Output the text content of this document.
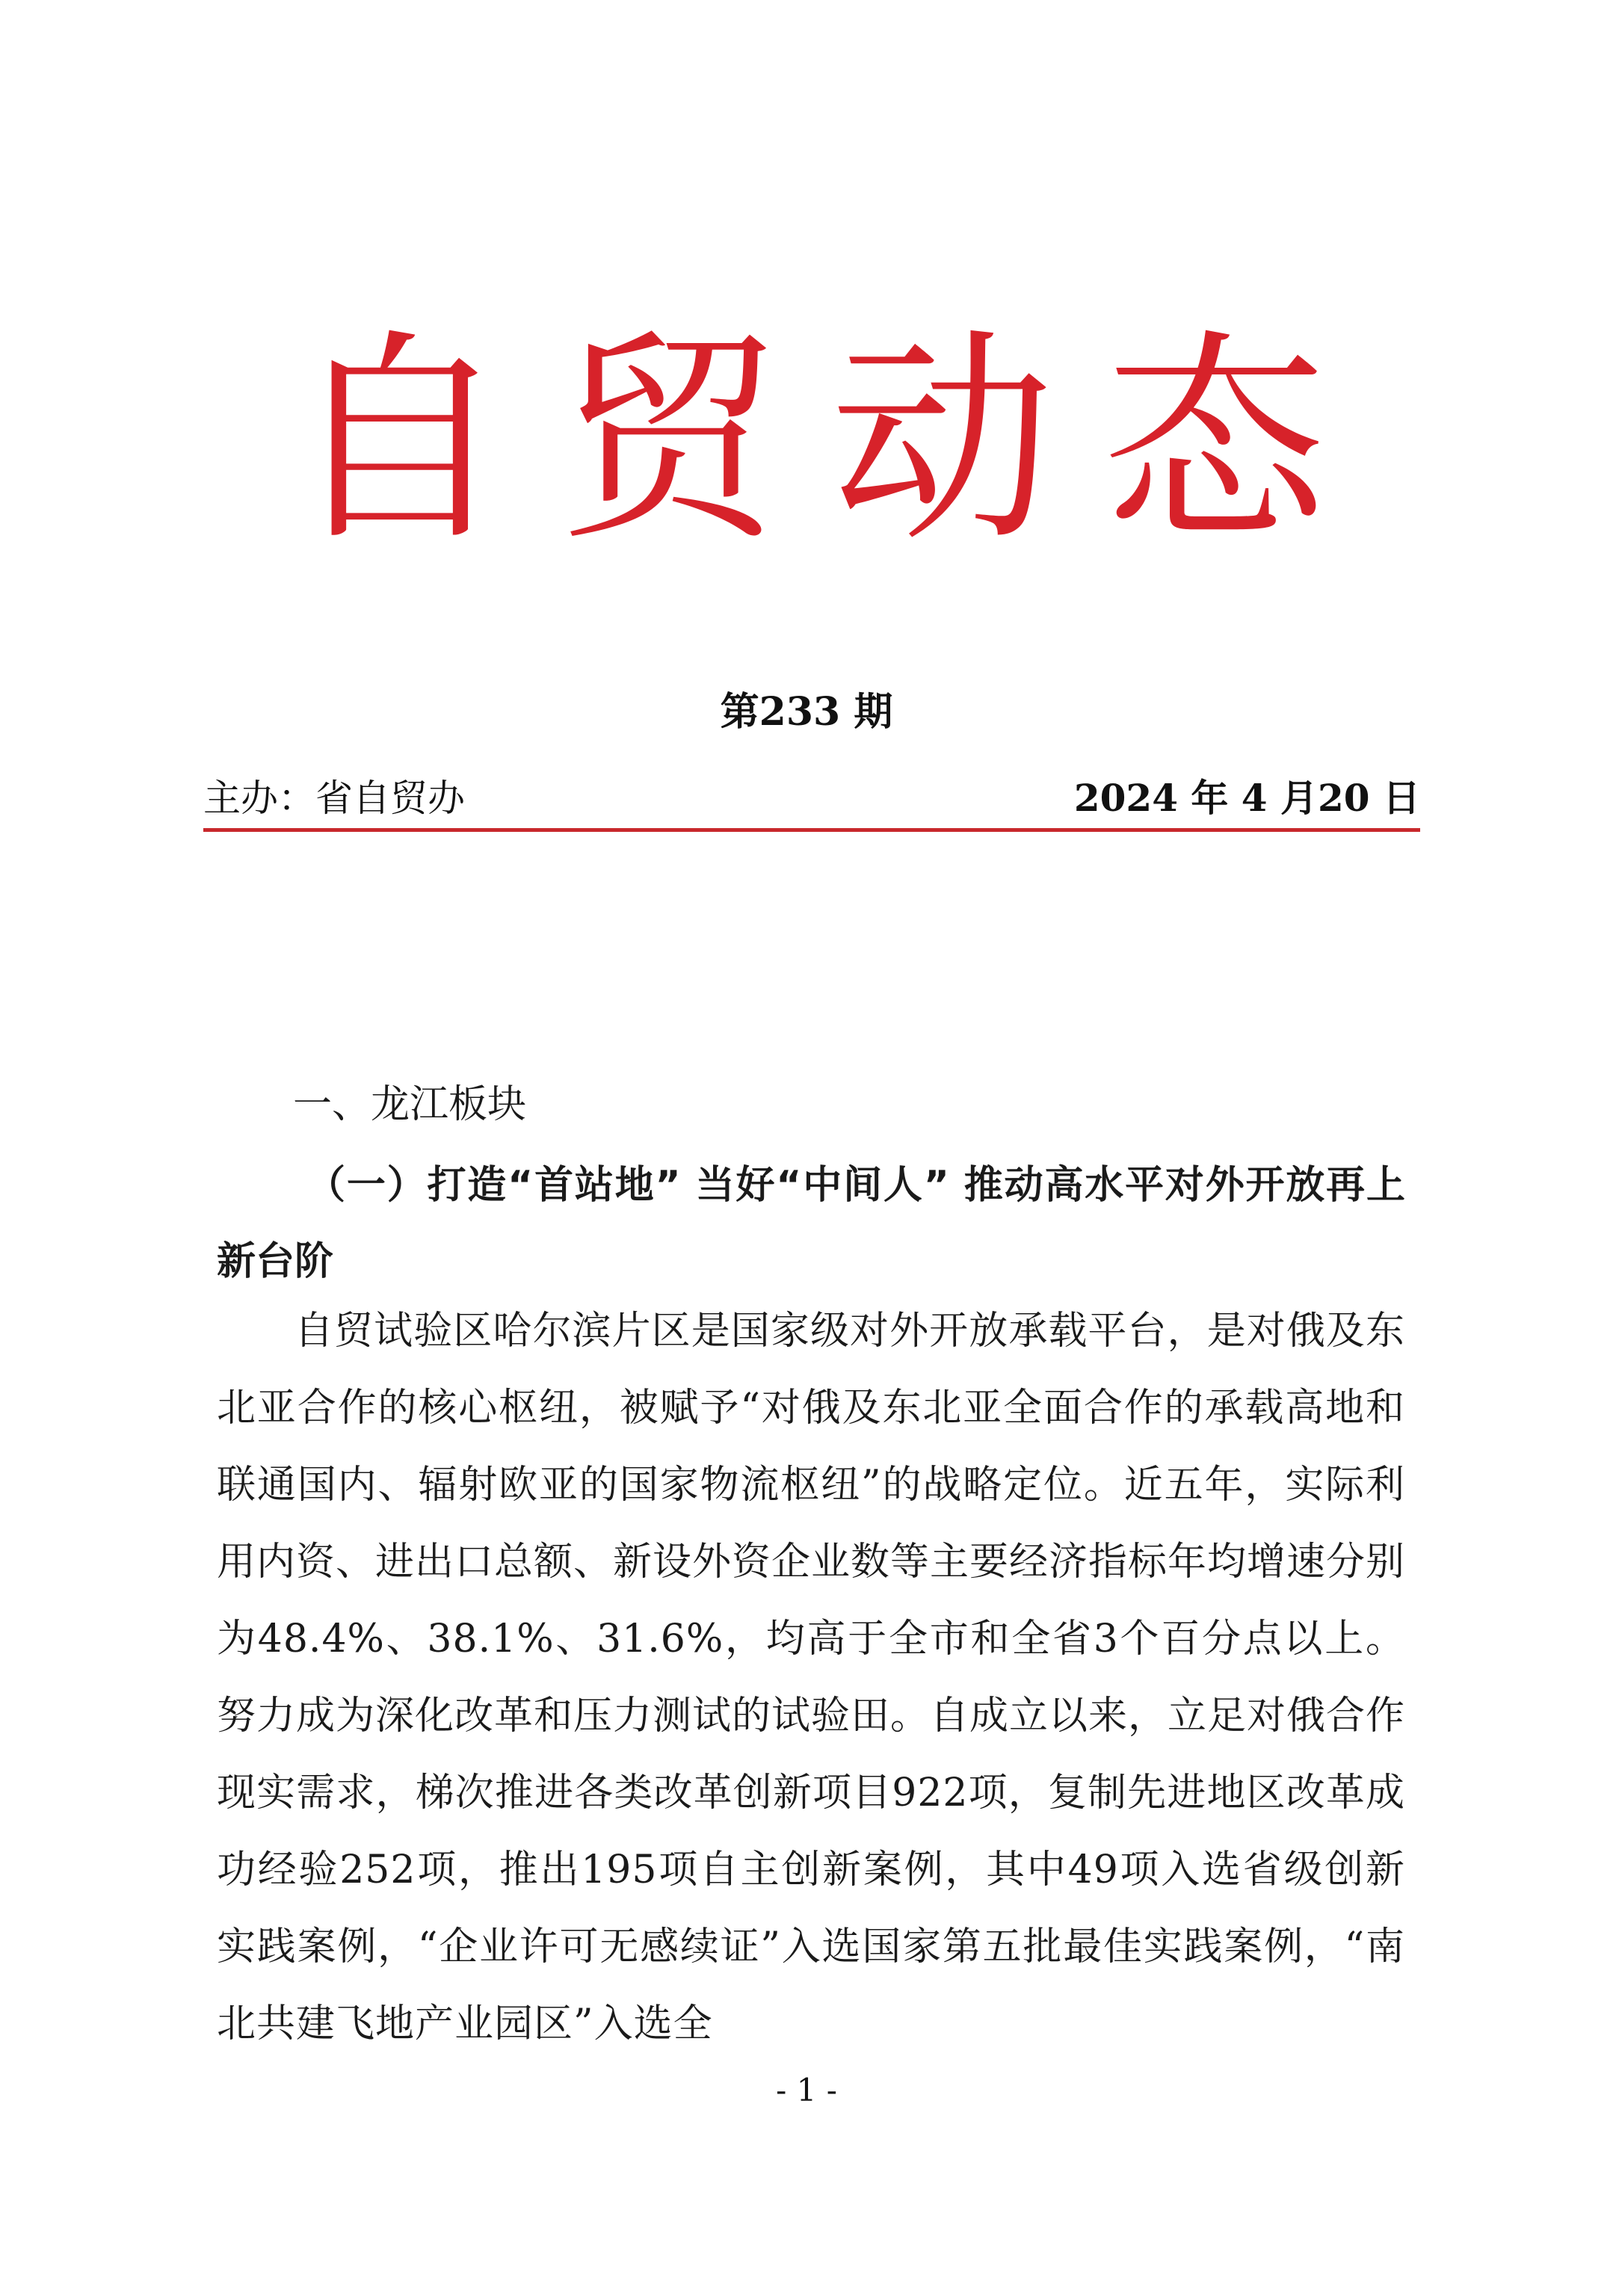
自贸动态
第233 期
主办：省自贸办	2024 年 4 月20 日
一、龙江板块
（一）打造“首站地” 当好“中间人” 推动高水平对外开放再上新台阶
自贸试验区哈尔滨片区是国家级对外开放承载平台，是对俄及东北亚合作的核心枢纽，被赋予“对俄及东北亚全面合作的承载高地和联通国内、辐射欧亚的国家物流枢纽”的战略定位。近五年，实际利用内资、进出口总额、新设外资企业数等主要经济指标年均增速分别为48.4%、38.1%、31.6%，均高于全市和全省3个百分点以上。努力成为深化改革和压力测试的试验田。自成立以来，立足对俄合作现实需求，梯次推进各类改革创新项目922项，复制先进地区改革成功经验252项，推出195项自主创新案例，其中49项入选省级创新实践案例，“企业许可无感续证”入选国家第五批最佳实践案例，“南北共建飞地产业园区”入选全
- 1 -
